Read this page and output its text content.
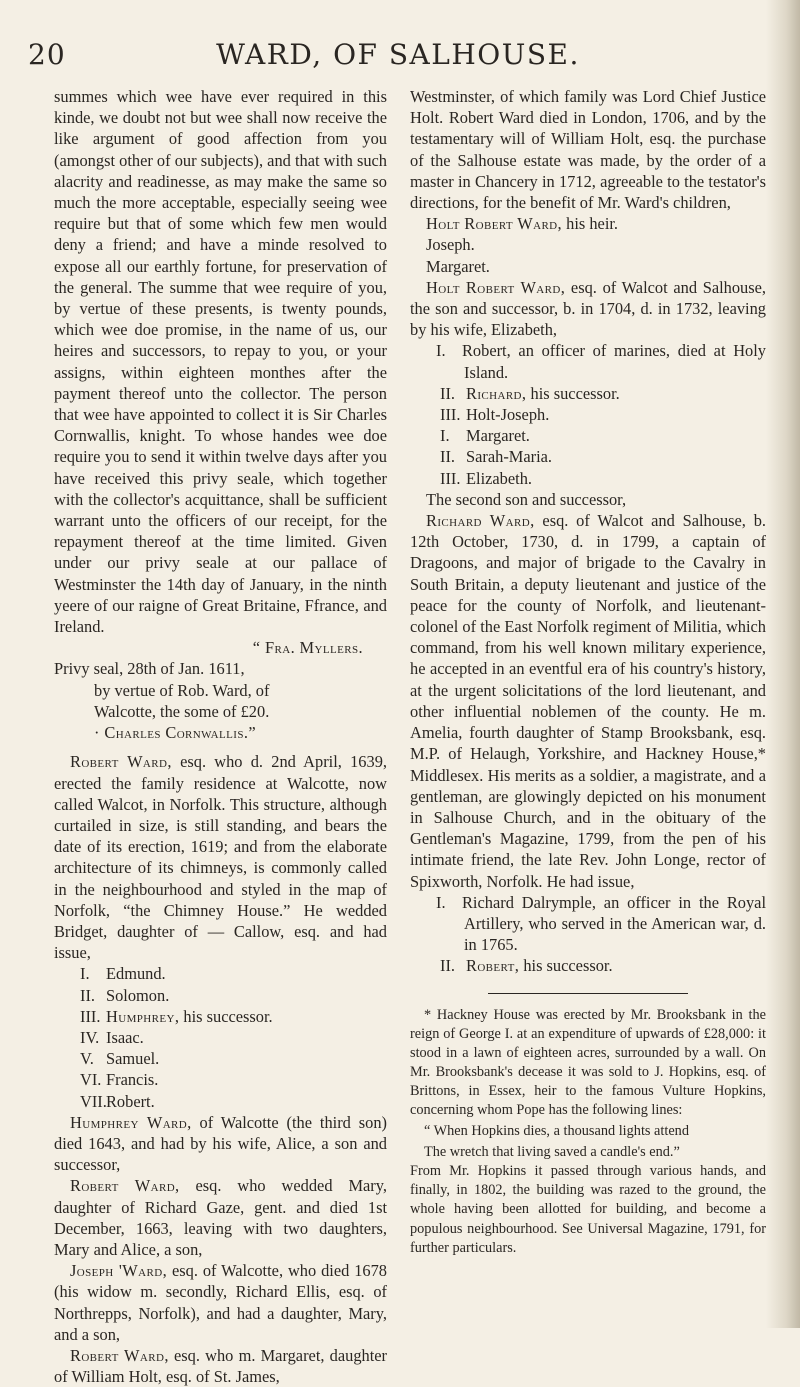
20	WARD, OF SALHOUSE.

summes which wee have ever required in this kinde, we doubt not but wee shall now receive the like argument of good affection from you (amongst other of our subjects), and that with such alacrity and readinesse, as may make the same so much the more acceptable, especially seeing wee require but that of some which few men would deny a friend; and have a minde resolved to expose all our earthly fortune, for preservation of the general. The summe that wee require of you, by vertue of these presents, is twenty pounds, which wee doe promise, in the name of us, our heires and successors, to repay to you, or your assigns, within eighteen monthes after the payment thereof unto the collector. The person that wee have appointed to collect it is Sir Charles Cornwallis, knight. To whose handes wee doe require you to send it within twelve days after you have received this privy seale, which together with the collector's acquittance, shall be sufficient warrant unto the officers of our receipt, for the repayment thereof at the time limited. Given under our privy seale at our pallace of Westminster the 14th day of January, in the ninth yeere of our raigne of Great Britaine, Ffrance, and Ireland.

“ Fra. Myllers.

Privy seal, 28th of Jan. 1611,
by vertue of Rob. Ward, of
Walcotte, the some of £20.
· Charles Cornwallis.”

Robert Ward, esq. who d. 2nd April, 1639, erected the family residence at Walcotte, now called Walcot, in Norfolk. This structure, although curtailed in size, is still standing, and bears the date of its erection, 1619; and from the elaborate architecture of its chimneys, is commonly called in the neighbourhood and styled in the map of Norfolk, “the Chimney House.” He wedded Bridget, daughter of — Callow, esq. and had issue,

I. Edmund.
II. Solomon.
III. Humphrey, his successor.
IV. Isaac.
V. Samuel.
VI. Francis.
VII.Robert.

Humphrey Ward, of Walcotte (the third son) died 1643, and had by his wife, Alice, a son and successor,

Robert Ward, esq. who wedded Mary, daughter of Richard Gaze, gent. and died 1st December, 1663, leaving with two daughters, Mary and Alice, a son,

Joseph 'Ward, esq. of Walcotte, who died 1678 (his widow m. secondly, Richard Ellis, esq. of Northrepps, Norfolk), and had a daughter, Mary, and a son,

Robert Ward, esq. who m. Margaret, daughter of William Holt, esq. of St. James,

Westminster, of which family was Lord Chief Justice Holt. Robert Ward died in London, 1706, and by the testamentary will of William Holt, esq. the purchase of the Salhouse estate was made, by the order of a master in Chancery in 1712, agreeable to the testator's directions, for the benefit of Mr. Ward's children,

Holt Robert Ward, his heir.

Joseph.

Margaret.

Holt Robert Ward, esq. of Walcot and Salhouse, the son and successor, b. in 1704, d. in 1732, leaving by his wife, Elizabeth,

I. Robert, an officer of marines, died at Holy Island.
II. Richard, his successor.
III. Holt-Joseph.
I. Margaret.
II. Sarah-Maria.
III. Elizabeth.

The second son and successor,

Richard Ward, esq. of Walcot and Salhouse, b. 12th October, 1730, d. in 1799, a captain of Dragoons, and major of brigade to the Cavalry in South Britain, a deputy lieutenant and justice of the peace for the county of Norfolk, and lieutenant-colonel of the East Norfolk regiment of Militia, which command, from his well known military experience, he accepted in an eventful era of his country's history, at the urgent solicitations of the lord lieutenant, and other influential noblemen of the county. He m. Amelia, fourth daughter of Stamp Brooksbank, esq. M.P. of Helaugh, Yorkshire, and Hackney House,* Middlesex. His merits as a soldier, a magistrate, and a gentleman, are glowingly depicted on his monument in Salhouse Church, and in the obituary of the Gentleman's Magazine, 1799, from the pen of his intimate friend, the late Rev. John Longe, rector of Spixworth, Norfolk. He had issue,

I. Richard Dalrymple, an officer in the Royal Artillery, who served in the American war, d. in 1765.
II. Robert, his successor.

* Hackney House was erected by Mr. Brooksbank in the reign of George I. at an expenditure of upwards of £28,000: it stood in a lawn of eighteen acres, surrounded by a wall. On Mr. Brooksbank's decease it was sold to J. Hopkins, esq. of Brittons, in Essex, heir to the famous Vulture Hopkins, concerning whom Pope has the following lines:

“ When Hopkins dies, a thousand lights attend

The wretch that living saved a candle's end.”

From Mr. Hopkins it passed through various hands, and finally, in 1802, the building was razed to the ground, the whole having been allotted for building, and become a populous neighbourhood. See Universal Magazine, 1791, for further particulars.
